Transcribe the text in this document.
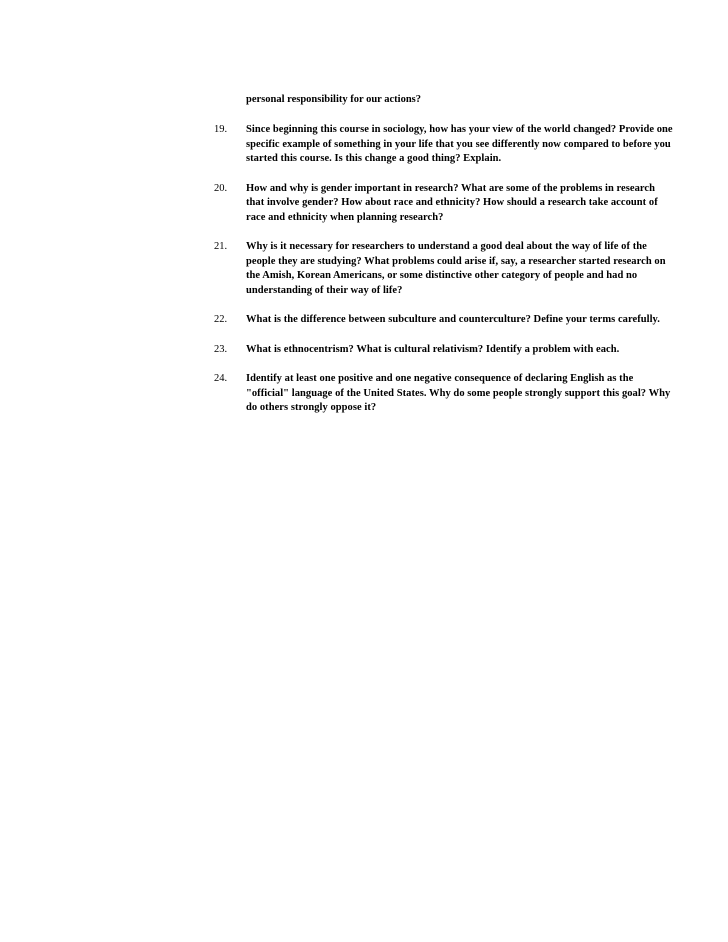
personal responsibility for our actions?
19. Since beginning this course in sociology, how has your view of the world changed? Provide one
specific example of something in your life that you see differently now compared to before you
started this course. Is this change a good thing? Explain.
20. How and why is gender important in research? What are some of the problems in research
that involve gender? How about race and ethnicity? How should a research take account of
race and ethnicity when planning research?
21. Why is it necessary for researchers to understand a good deal about the way of life of the
people they are studying? What problems could arise if, say, a researcher started research on
the Amish, Korean Americans, or some distinctive other category of people and had no
understanding of their way of life?
22. What is the difference between subculture and counterculture? Define your terms carefully.
23. What is ethnocentrism? What is cultural relativism? Identify a problem with each.
24. Identify at least one positive and one negative consequence of declaring English as the
"official" language of the United States. Why do some people strongly support this goal? Why
do others strongly oppose it?
